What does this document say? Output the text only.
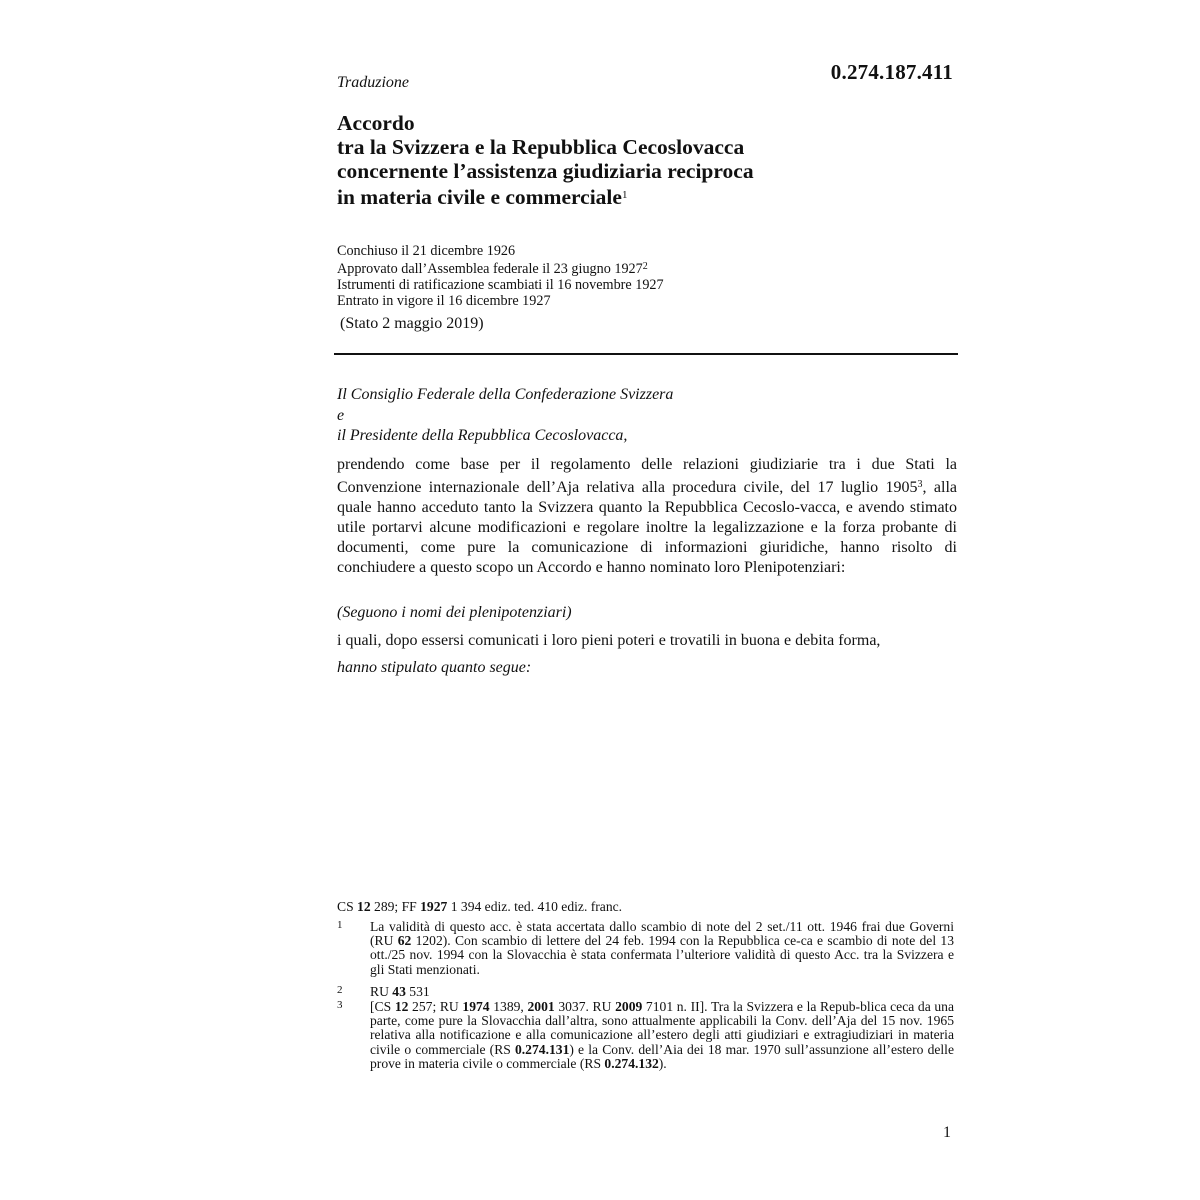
0.274.187.411
Traduzione
Accordo
tra la Svizzera e la Repubblica Cecoslovacca
concernente l’assistenza giudiziaria reciproca
in materia civile e commerciale$^1$
Conchiuso il 21 dicembre 1926
Approvato dall’Assemblea federale il 23 giugno 1927$^2$
Istrumenti di ratificazione scambiati il 16 novembre 1927
Entrato in vigore il 16 dicembre 1927
(Stato 2 maggio 2019)
Il Consiglio Federale della Confederazione Svizzera
e
il Presidente della Repubblica Cecoslovacca,
prendendo come base per il regolamento delle relazioni giudiziarie tra i due Stati la Convenzione internazionale dell’Aja relativa alla procedura civile, del 17 luglio 1905$^3$, alla quale hanno acceduto tanto la Svizzera quanto la Repubblica Cecoslo-vacca, e avendo stimato utile portarvi alcune modificazioni e regolare inoltre la legalizzazione e la forza probante di documenti, come pure la comunicazione di informazioni giuridiche, hanno risolto di conchiudere a questo scopo un Accordo e hanno nominato loro Plenipotenziari:
(Seguono i nomi dei plenipotenziari)
i quali, dopo essersi comunicati i loro pieni poteri e trovatili in buona e debita forma,
hanno stipulato quanto segue:
CS 12 289; FF 1927 1 394 ediz. ted. 410 ediz. franc.
1 La validità di questo acc. è stata accertata dallo scambio di note del 2 set./11 ott. 1946 frai due Governi (RU 62 1202). Con scambio di lettere del 24 feb. 1994 con la Repubblica ce-ca e scambio di note del 13 ott./25 nov. 1994 con la Slovacchia è stata confermata l’ulteriore validità di questo Acc. tra la Svizzera e gli Stati menzionati.
2 RU 43 531
3 [CS 12 257; RU 1974 1389, 2001 3037. RU 2009 7101 n. II]. Tra la Svizzera e la Repub-blica ceca da una parte, come pure la Slovacchia dall’altra, sono attualmente applicabili la Conv. dell’Aja del 15 nov. 1965 relativa alla notificazione e alla comunicazione all’estero degli atti giudiziari e extragiudiziari in materia civile o commerciale (RS 0.274.131) e la Conv. dell’Aia dei 18 mar. 1970 sull’assunzione all’estero delle prove in materia civile o commerciale (RS 0.274.132).
1
